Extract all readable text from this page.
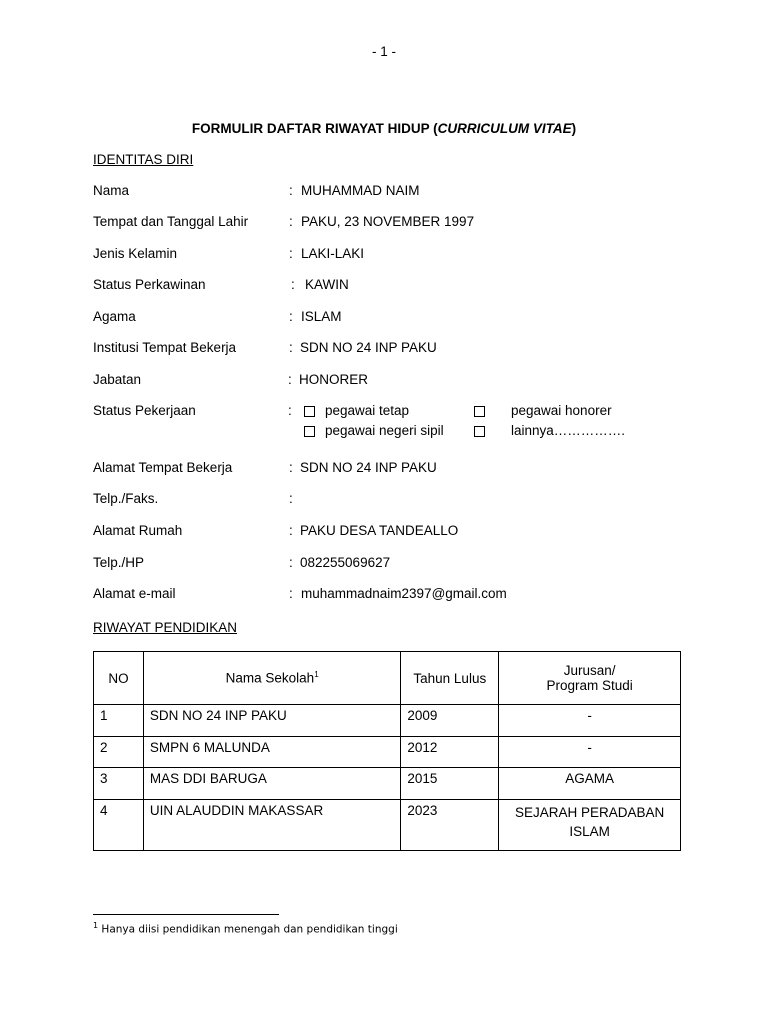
- 1 -
FORMULIR DAFTAR RIWAYAT HIDUP (CURRICULUM VITAE)
IDENTITAS DIRI
Nama	: MUHAMMAD NAIM
Tempat dan Tanggal Lahir	: PAKU, 23 NOVEMBER 1997
Jenis Kelamin	: LAKI-LAKI
Status Perkawinan	: KAWIN
Agama	: ISLAM
Institusi Tempat Bekerja	: SDN NO 24 INP PAKU
Jabatan	: HONORER
Status Pekerjaan	: pegawai tetap	pegawai honorer
pegawai negeri sipil	lainnya…………….
Alamat Tempat Bekerja	: SDN NO 24 INP PAKU
Telp./Faks.	:
Alamat Rumah	: PAKU DESA TANDEALLO
Telp./HP	: 082255069627
Alamat e-mail	: muhammadnaim2397@gmail.com
RIWAYAT PENDIDIKAN
NO	Nama Sekolah$^1$	Tahun Lulus	Jurusan/
Program Studi

1	SDN NO 24 INP PAKU	2009	-

2	SMPN 6 MALUNDA	2012	-

3	MAS DDI BARUGA	2015	AGAMA

4	UIN ALAUDDIN MAKASSAR	2023	SEJARAH PERADABAN
ISLAM
$^1$ Hanya diisi pendidikan menengah dan pendidikan tinggi
